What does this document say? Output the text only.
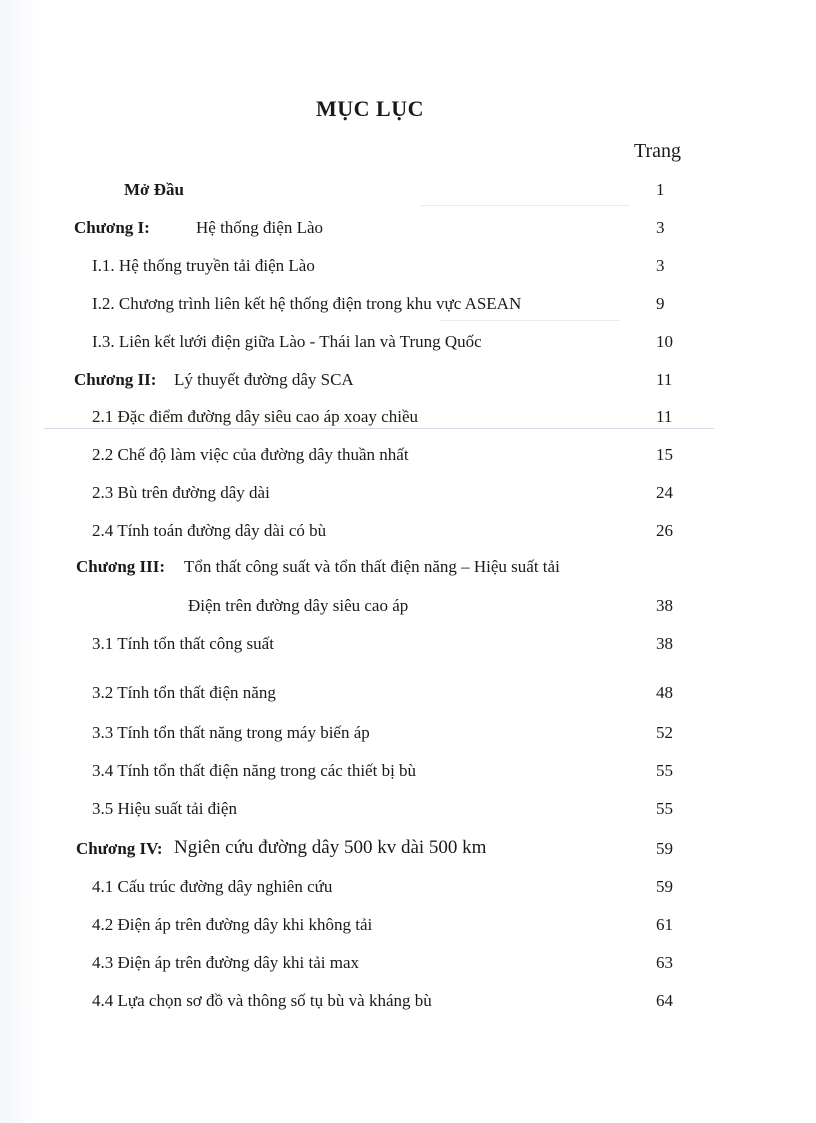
MỤC LỤC
Trang
Mở Đầu	1
Chương I:	Hệ thống điện Lào	3
I.1. Hệ thống truyền tải điện Lào	3
I.2. Chương trình liên kết hệ thống điện trong khu vực ASEAN	9
I.3. Liên kết lưới điện giữa Lào - Thái lan và Trung Quốc	10
Chương II: Lý thuyết đường dây SCA	11
2.1 Đặc điểm đường dây siêu cao áp xoay chiều	11
2.2 Chế độ làm việc của đường dây thuần nhất	15
2.3 Bù trên đường dây dài	24
2.4 Tính toán đường dây dài có bù	26
Chương III: Tổn thất công suất và tổn thất điện năng – Hiệu suất tải
Điện trên đường dây siêu cao áp	38
3.1 Tính tổn thất công suất	38
3.2 Tính tổn thất điện năng	48
3.3 Tính tổn thất năng trong máy biến áp	52
3.4 Tính tổn thất điện năng trong các thiết bị bù	55
3.5 Hiệu suất tải điện	55
Chương IV: Ngiên cứu đường dây 500 kv dài 500 km	59
4.1 Cấu trúc đường dây nghiên cứu	59
4.2 Điện áp trên đường dây khi không tải	61
4.3 Điện áp trên đường dây khi tải max	63
4.4 Lựa chọn sơ đồ và thông số tụ bù và kháng bù	64
